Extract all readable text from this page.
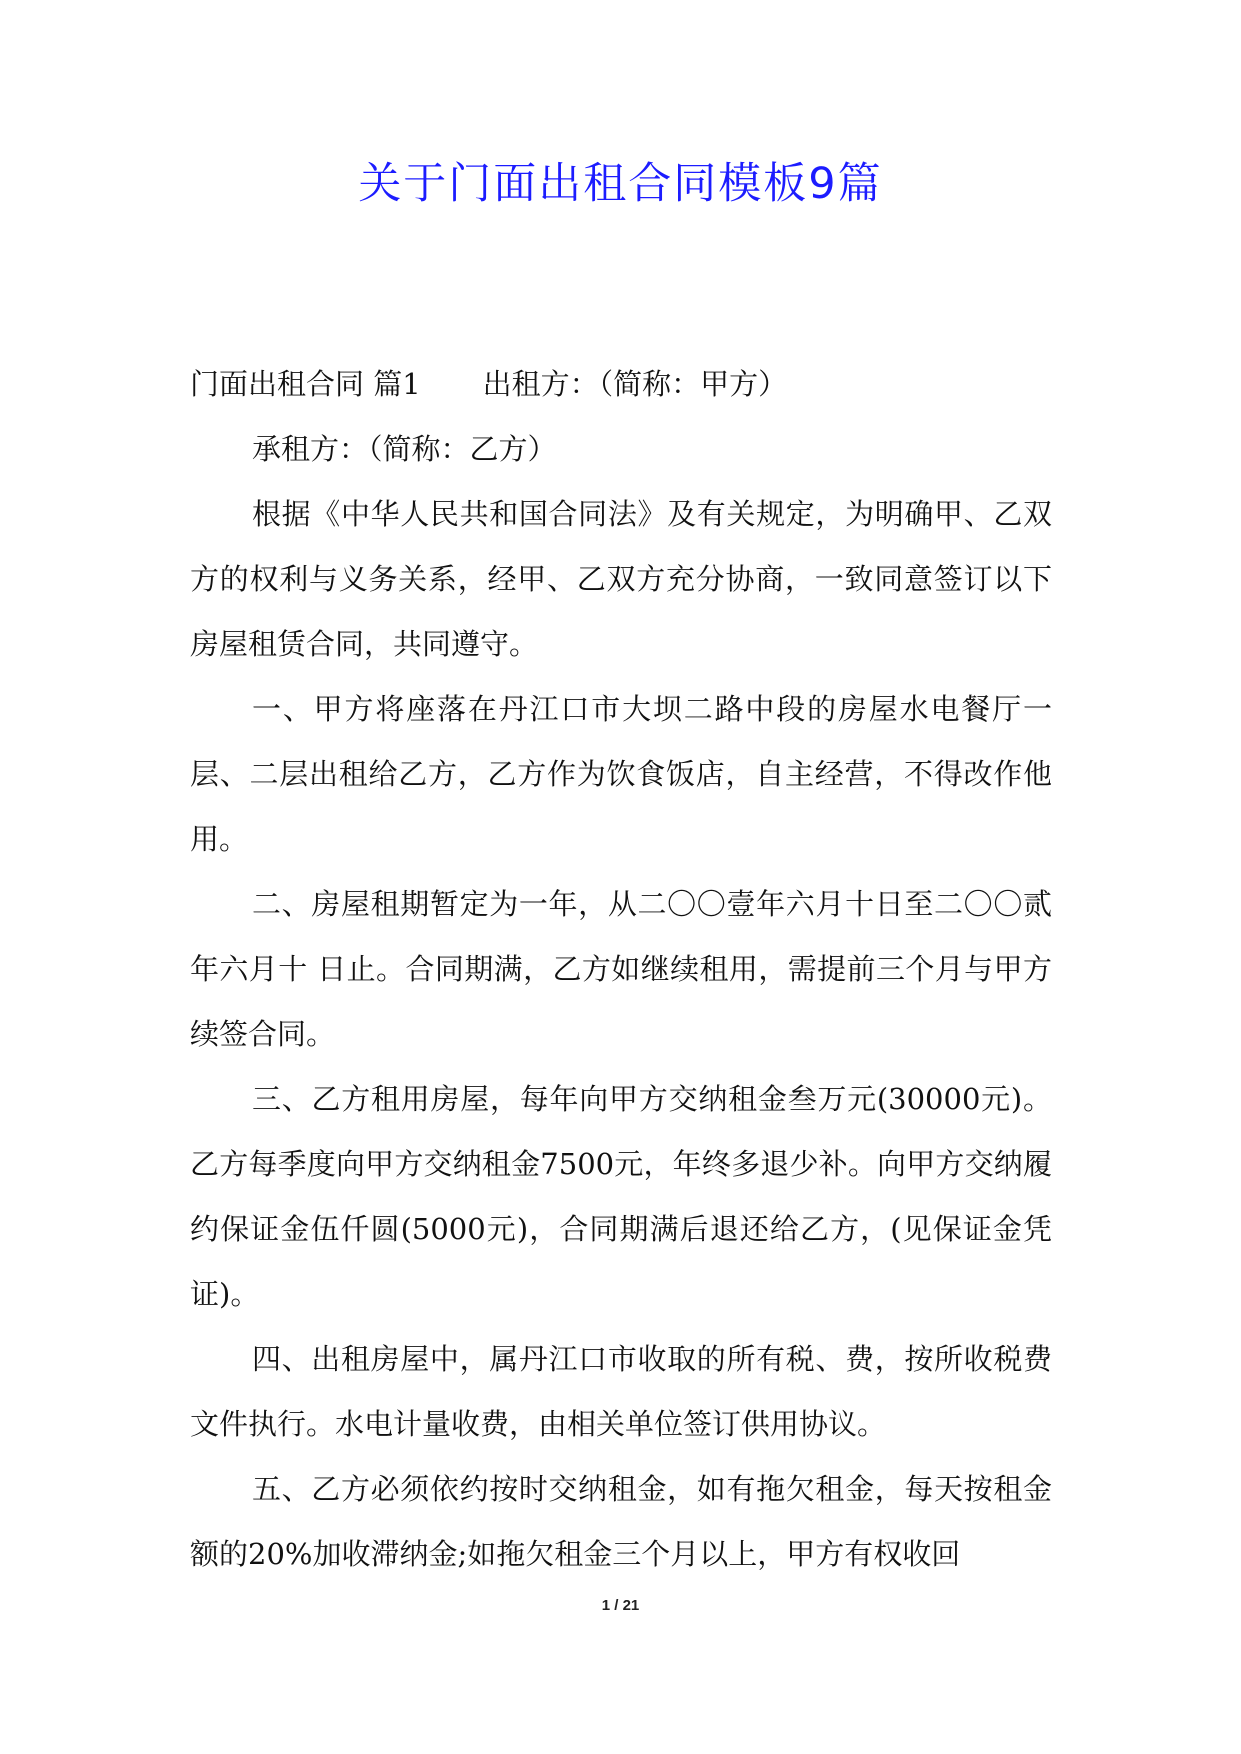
关于门面出租合同模板9篇

门面出租合同 篇1 出租方：（简称：甲方）

承租方：（简称：乙方）

根据《中华人民共和国合同法》及有关规定，为明确甲、乙双方的权利与义务关系，经甲、乙双方充分协商，一致同意签订以下房屋租赁合同，共同遵守。

一、甲方将座落在丹江口市大坝二路中段的房屋水电餐厅一层、二层出租给乙方，乙方作为饮食饭店，自主经营，不得改作他用。

二、房屋租期暂定为一年，从二〇〇壹年六月十日至二〇〇贰年六月十 日止。合同期满，乙方如继续租用，需提前三个月与甲方续签合同。

三、乙方租用房屋，每年向甲方交纳租金叁万元(30000元)。乙方每季度向甲方交纳租金7500元，年终多退少补。向甲方交纳履约保证金伍仟圆(5000元)，合同期满后退还给乙方，(见保证金凭证)。

四、出租房屋中，属丹江口市收取的所有税、费，按所收税费文件执行。水电计量收费，由相关单位签订供用协议。

五、乙方必须依约按时交纳租金，如有拖欠租金，每天按租金额的20%加收滞纳金;如拖欠租金三个月以上，甲方有权收回

1 / 21
